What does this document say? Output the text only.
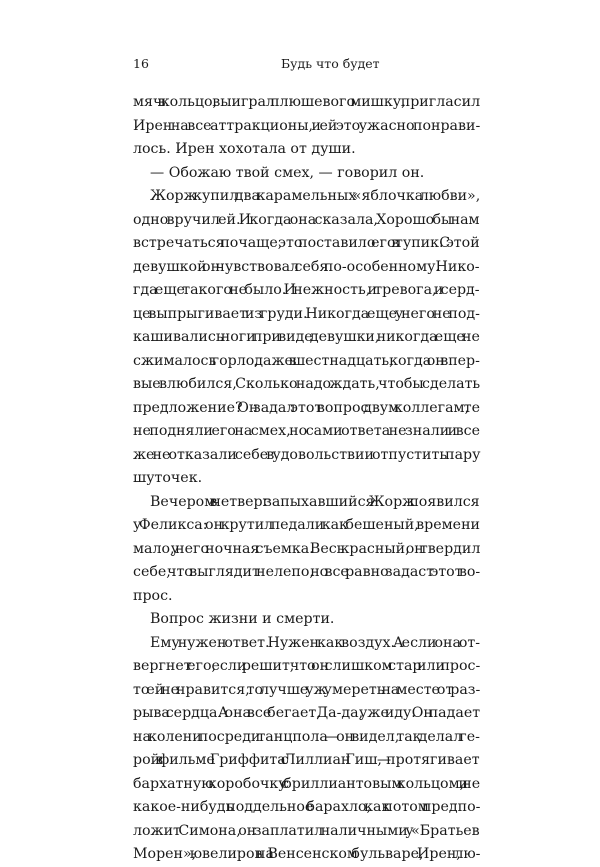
16	Будь что будет
мяч в кольцо, выиграл плюшевого мишку, пригласил
Ирен на все аттракционы, и ей это ужасно понрави-
лось. Ирен хохотала от души.
— Обожаю твой смех, — говорил он.
Жорж купил два карамельных «яблочка любви»,
одно вручил ей. И когда она сказала, Хорошо бы нам
встречаться почаще, это поставило его в тупик. С этой
девушкой он чувствовал себя по-особенному. Нико-
гда еще такого не было. И нежность, и тревога, и серд-
це выпрыгивает из груди. Никогда еще у него не под-
кашивались ноги при виде девушки, никогда еще не
сжималось горло, даже в шестнадцать, когда он впер-
вые влюбился, Сколько надо ждать, чтобы сделать
предложение? Он задал этот вопрос двум коллегам, те
не подняли его на смех, но сами ответа не знали и все
же не отказали себе в удовольствии отпустить пару
шуточек.
Вечером в четверг запыхавшийся Жорж появился
у Феликса: он крутил педали как бешеный, времени
мало, у него ночная съемка. Весь красный, он твердил
себе, что выглядит нелепо, но все равно задаст этот во-
прос.
Вопрос жизни и смерти.
Ему нужен ответ. Нужен как воздух. А если она от-
вергнет его, если решит, что он слишком стар или прос-
то ей не нравится, то лучше уж умереть на месте от раз-
рыва сердца. А она все бегает, Да-да, уже иду. Он падает
на колени посреди танцпола — он видел, так делал ге-
рой в фильме Гриффита с Лиллиан Гиш, — протягивает
бархатную коробочку с бриллиантовым кольцом, и не
какое-нибудь поддельное барахло, как потом предпо-
ложит Симона, он заплатил наличными у «Братьев
Морен», ювелиров на Венсенском бульваре, Ирен, лю-
